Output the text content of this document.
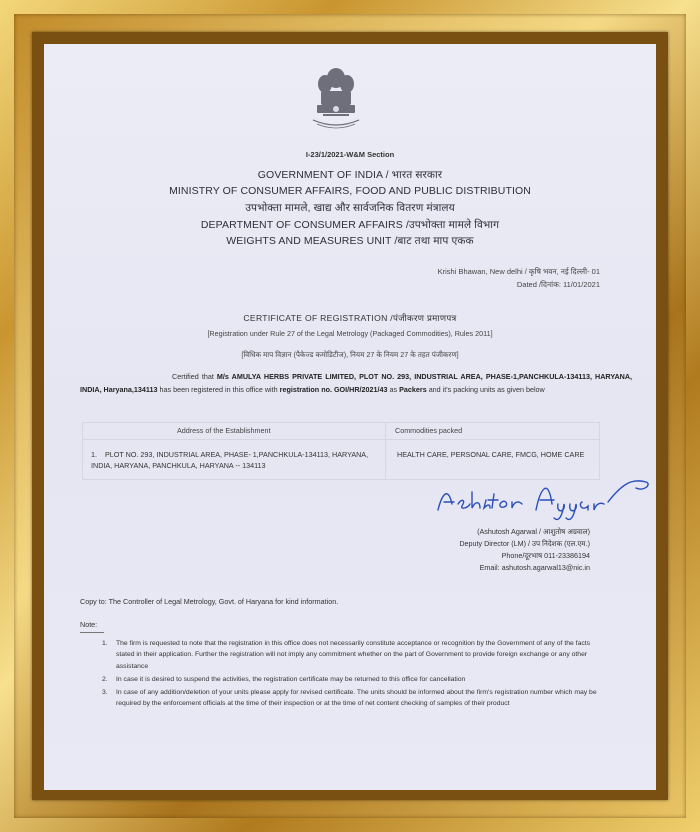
I-23/1/2021-W&M Section
GOVERNMENT OF INDIA / भारत सरकार
MINISTRY OF CONSUMER AFFAIRS, FOOD AND PUBLIC DISTRIBUTION
उपभोक्ता मामले, खाद्य और सार्वजनिक वितरण मंत्रालय
DEPARTMENT OF CONSUMER AFFAIRS /उपभोक्ता मामले विभाग
WEIGHTS AND MEASURES UNIT /बाट तथा माप एकक
Krishi Bhawan, New delhi / कृषि भवन, नई दिल्ली- 01
Dated /दिनांक: 11/01/2021
CERTIFICATE OF REGISTRATION /पंजीकरण प्रमाणपत्र
[Registration under Rule 27 of the Legal Metrology (Packaged Commodities), Rules 2011]
[विधिक माप विज्ञान (पैकेज्ड कमोडिटीज), नियम 27 के नियम 27 के तहत पंजीकरण]
Certified that M/s AMULYA HERBS PRIVATE LIMITED, PLOT NO. 293, INDUSTRIAL AREA, PHASE-1,PANCHKULA-134113, HARYANA, INDIA, Haryana,134113 has been registered in this office with registration no. GOI/HR/2021/43 as Packers and it's packing units as given below
Address of the Establishment	Commodities packed
1. PLOT NO. 293, INDUSTRIAL AREA, PHASE- 1,PANCHKULA-134113, HARYANA, INDIA, HARYANA, PANCHKULA, HARYANA -- 134113
HEALTH CARE, PERSONAL CARE, FMCG, HOME CARE
(Ashutosh Agarwal / आशुतोष अग्रवाल)
Deputy Director (LM) / उप निदेशक (एल.एम.)
Phone/दूरभाष 011-23386194
Email: ashutosh.agarwal13@nic.in
Copy to: The Controller of Legal Metrology, Govt. of Haryana for kind information.
Note:
1. The firm is requested to note that the registration in this office does not necessarily constitute acceptance or recognition by the Government of any of the facts stated in their application. Further the registration will not imply any commitment whether on the part of Government to provide foreign exchange or any other assistance
2. In case it is desired to suspend the activities, the registration certificate may be returned to this office for cancellation
3. In case of any addition/deletion of your units please apply for revised certificate. The units should be informed about the firm's registration number which may be required by the enforcement officials at the time of their inspection or at the time of net content checking of samples of their product
